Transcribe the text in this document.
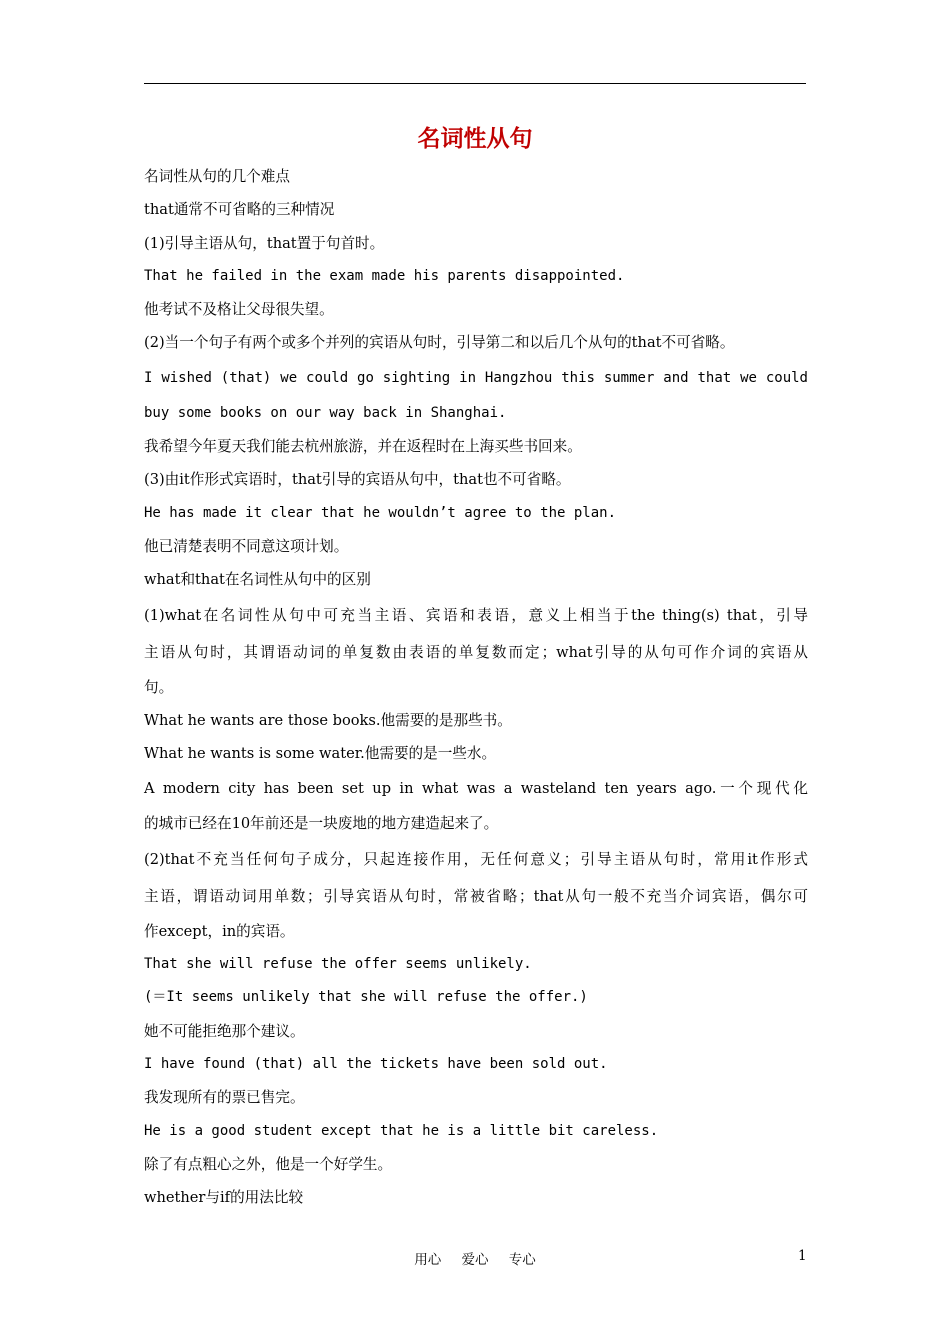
名词性从句
名词性从句的几个难点
that通常不可省略的三种情况
(1)引导主语从句，that置于句首时。
That he failed in the exam made his parents disappointed.
他考试不及格让父母很失望。
(2)当一个句子有两个或多个并列的宾语从句时，引导第二和以后几个从句的that不可省略。
I wished (that) we could go sighting in Hangzhou this summer and that we could
buy some books on our way back in Shanghai.
我希望今年夏天我们能去杭州旅游，并在返程时在上海买些书回来。
(3)由it作形式宾语时，that引导的宾语从句中，that也不可省略。
He has made it clear that he wouldn’t agree to the plan.
他已清楚表明不同意这项计划。
what和that在名词性从句中的区别
(1)what在名词性从句中可充当主语、宾语和表语，意义上相当于the thing(s) that，引导
主语从句时，其谓语动词的单复数由表语的单复数而定；what引导的从句可作介词的宾语从
句。
What he wants are those books.他需要的是那些书。
What he wants is some water.他需要的是一些水。
A modern city has been set up in what was a wasteland ten years ago.一个现代化
的城市已经在10年前还是一块废地的地方建造起来了。
(2)that不充当任何句子成分，只起连接作用，无任何意义；引导主语从句时，常用it作形式
主语，谓语动词用单数；引导宾语从句时，常被省略；that从句一般不充当介词宾语，偶尔可
作except，in的宾语。
That she will refuse the offer seems unlikely.
(＝It seems unlikely that she will refuse the offer.)
她不可能拒绝那个建议。
I have found (that) all the tickets have been sold out.
我发现所有的票已售完。
He is a good student except that he is a little bit careless.
除了有点粗心之外，他是一个好学生。
whether与if的用法比较
用心 爱心 专心	1
